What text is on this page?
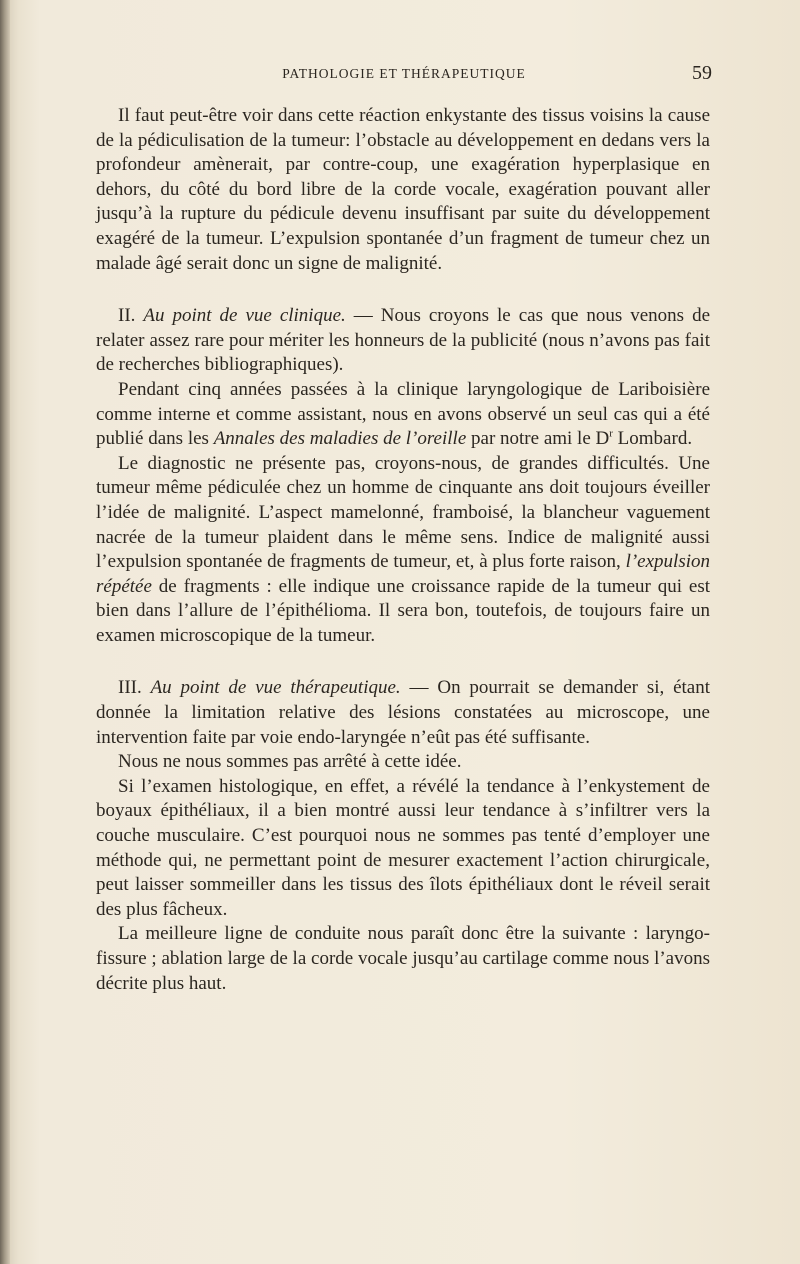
PATHOLOGIE ET THÉRAPEUTIQUE	59

Il faut peut-être voir dans cette réaction enkystante des tissus voisins la cause de la pédiculisation de la tumeur: l’obstacle au développement en dedans vers la profondeur amènerait, par contre-coup, une exagération hyperplasique en dehors, du côté du bord libre de la corde vocale, exagération pouvant aller jusqu’à la rupture du pédicule devenu insuffisant par suite du développement exagéré de la tumeur. L’expulsion spontanée d’un fragment de tumeur chez un malade âgé serait donc un signe de malignité.

II. Au point de vue clinique. — Nous croyons le cas que nous venons de relater assez rare pour mériter les honneurs de la publicité (nous n’avons pas fait de recherches bibliographiques).

Pendant cinq années passées à la clinique laryngologique de Lariboisière comme interne et comme assistant, nous en avons observé un seul cas qui a été publié dans les Annales des maladies de l’oreille par notre ami le $D^r$ Lombard.

Le diagnostic ne présente pas, croyons-nous, de grandes difficultés. Une tumeur même pédiculée chez un homme de cinquante ans doit toujours éveiller l’idée de malignité. L’aspect mamelonné, framboisé, la blancheur vaguement nacrée de la tumeur plaident dans le même sens. Indice de malignité aussi l’expulsion spontanée de fragments de tumeur, et, à plus forte raison, l’expulsion répétée de fragments : elle indique une croissance rapide de la tumeur qui est bien dans l’allure de l’épithélioma. Il sera bon, toutefois, de toujours faire un examen microscopique de la tumeur.

III. Au point de vue thérapeutique. — On pourrait se demander si, étant donnée la limitation relative des lésions constatées au microscope, une intervention faite par voie endo-laryngée n’eût pas été suffisante.

Nous ne nous sommes pas arrêté à cette idée.

Si l’examen histologique, en effet, a révélé la tendance à l’enkystement de boyaux épithéliaux, il a bien montré aussi leur tendance à s’infiltrer vers la couche musculaire. C’est pourquoi nous ne sommes pas tenté d’employer une méthode qui, ne permettant point de mesurer exactement l’action chirurgicale, peut laisser sommeiller dans les tissus des îlots épithéliaux dont le réveil serait des plus fâcheux.

La meilleure ligne de conduite nous paraît donc être la suivante : laryngo-fissure ; ablation large de la corde vocale jusqu’au cartilage comme nous l’avons décrite plus haut.
